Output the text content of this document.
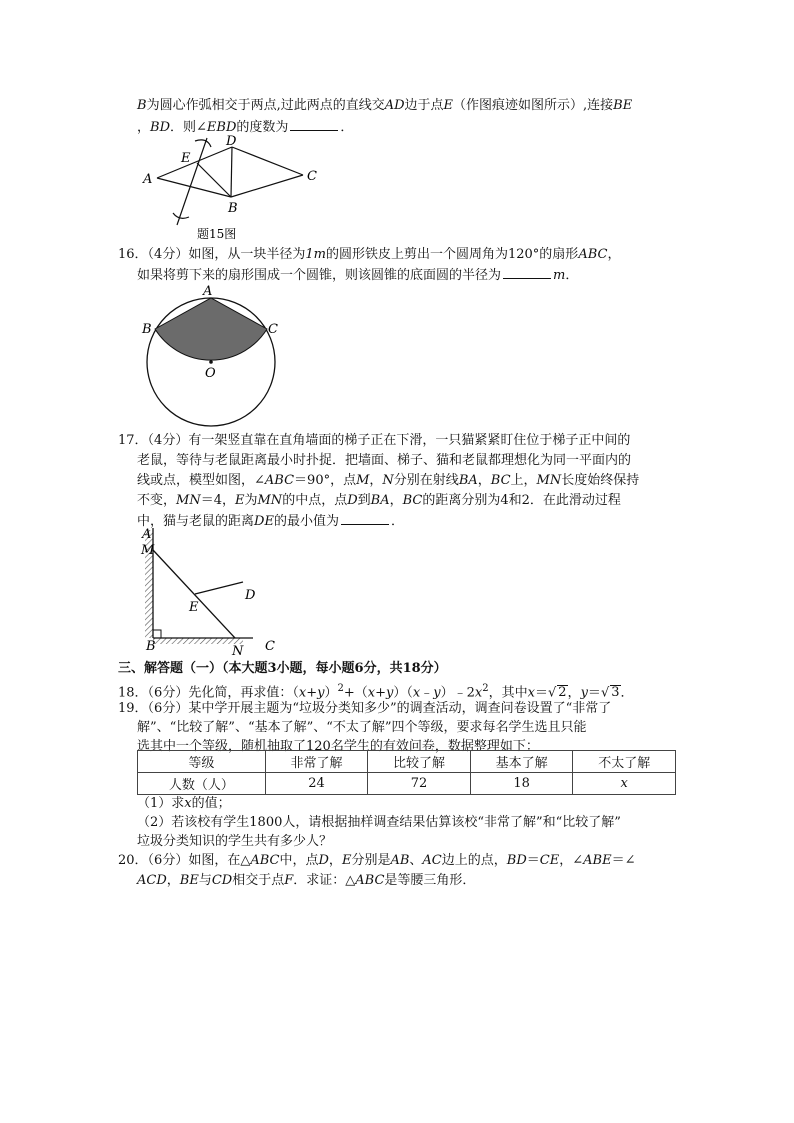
B为圆心作弧相交于两点,过此两点的直线交AD边于点E（作图痕迹如图所示）,连接BE
，BD．则∠EBD的度数为	．
A
B
C
D
E
题15图
16．（4分）如图，从一块半径为1m的圆形铁皮上剪出一个圆周角为120°的扇形ABC，
如果将剪下来的扇形围成一个圆锥，则该圆锥的底面圆的半径为	m．
A
B	C
O
17．（4分）有一架竖直靠在直角墙面的梯子正在下滑，一只猫紧紧盯住位于梯子正中间的
老鼠，等待与老鼠距离最小时扑捉．把墙面、梯子、猫和老鼠都理想化为同一平面内的
线或点，模型如图，∠ABC＝90°，点M，N分别在射线BA，BC上，MN长度始终保持
不变，MN＝4，E为MN的中点，点D到BA，BC的距离分别为4和2．在此滑动过程
中，猫与老鼠的距离DE的最小值为	．
A
M
E
D
B	N C
三、解答题（一）（本大题3小题，每小题6分，共18分）
18．（6分）先化简，再求值：$(x+y)^2+(x+y)(x﹣y)﹣2x^2$，其中x＝√ 2，y＝√ 3．
19．（6分）某中学开展主题为“垃圾分类知多少”的调查活动，调查问卷设置了“非常了
解”、“比较了解”、“基本了解”、“不太了解”四个等级，要求每名学生选且只能
选其中一个等级，随机抽取了120名学生的有效问卷，数据整理如下：
等级	非常了解	比较了解	基本了解	不太了解
人数（人）	24	72	18	x
（1）求x的值；
（2）若该校有学生1800人，请根据抽样调查结果估算该校“非常了解”和“比较了解”
垃圾分类知识的学生共有多少人？
20．（6分）如图，在△ABC中，点D，E分别是AB、AC边上的点，BD＝CE，∠ABE＝∠
ACD，BE与CD相交于点F．求证：△ABC是等腰三角形．
